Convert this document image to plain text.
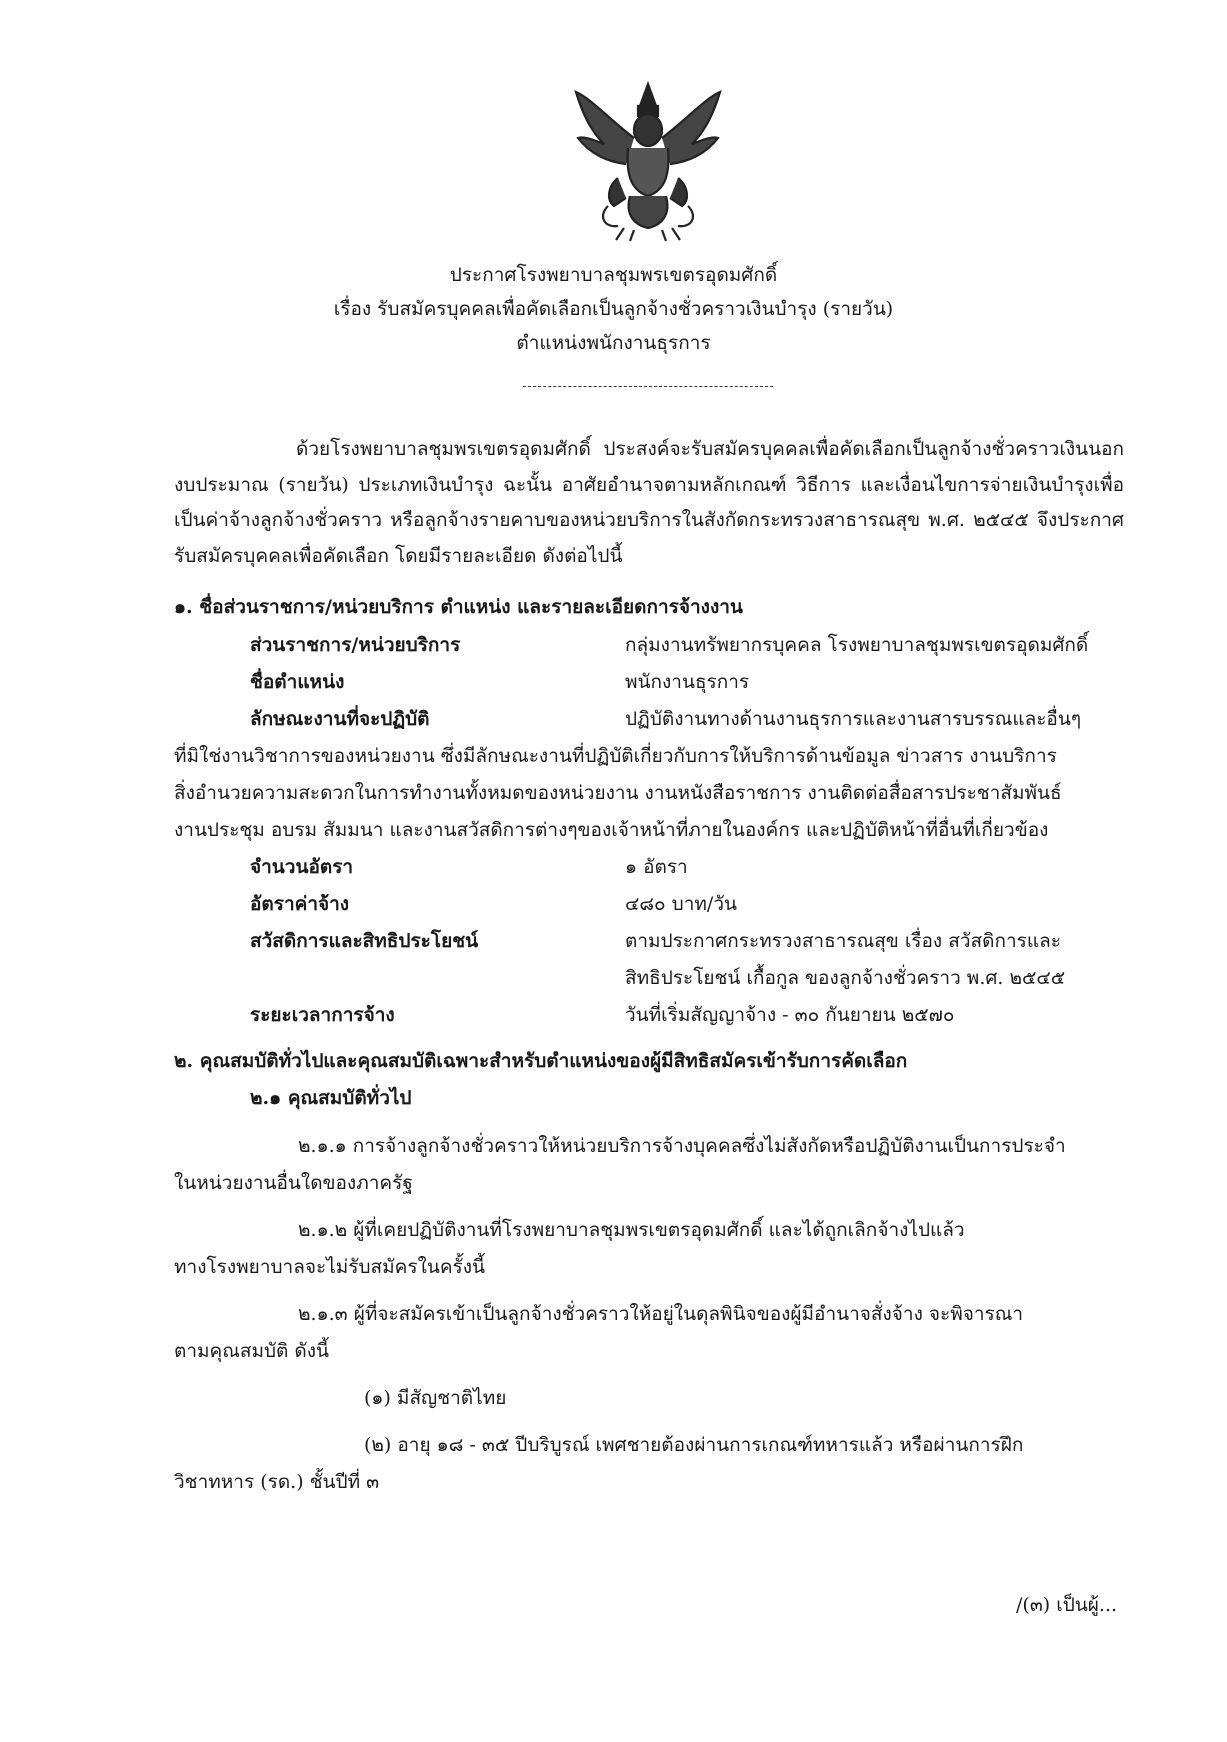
ประกาศโรงพยาบาลชุมพรเขตรอุดมศักดิ์
เรื่อง รับสมัครบุคคลเพื่อคัดเลือกเป็นลูกจ้างชั่วคราวเงินบำรุง (รายวัน)
ตำแหน่งพนักงานธุรการ
ด้วยโรงพยาบาลชุมพรเขตรอุดมศักดิ์ ประสงค์จะรับสมัครบุคคลเพื่อคัดเลือกเป็นลูกจ้างชั่วคราวเงินนอกงบประมาณ (รายวัน) ประเภทเงินบำรุง ฉะนั้น อาศัยอำนาจตามหลักเกณฑ์ วิธีการ และเงื่อนไขการจ่ายเงินบำรุงเพื่อเป็นค่าจ้างลูกจ้างชั่วคราว หรือลูกจ้างรายคาบของหน่วยบริการในสังกัดกระทรวงสาธารณสุข พ.ศ. ๒๕๔๕ จึงประกาศรับสมัครบุคคลเพื่อคัดเลือก โดยมีรายละเอียด ดังต่อไปนี้
๑. ชื่อส่วนราชการ/หน่วยบริการ ตำแหน่ง และรายละเอียดการจ้างงาน
ส่วนราชการ/หน่วยบริการ	กลุ่มงานทรัพยากรบุคคล โรงพยาบาลชุมพรเขตรอุดมศักดิ์
ชื่อตำแหน่ง	พนักงานธุรการ
ลักษณะงานที่จะปฏิบัติ	ปฏิบัติงานทางด้านงานธุรการและงานสารบรรณและอื่นๆ
ที่มิใช่งานวิชาการของหน่วยงาน ซึ่งมีลักษณะงานที่ปฏิบัติเกี่ยวกับการให้บริการด้านข้อมูล ข่าวสาร งานบริการ
สิ่งอำนวยความสะดวกในการทำงานทั้งหมดของหน่วยงาน งานหนังสือราชการ งานติดต่อสื่อสารประชาสัมพันธ์
งานประชุม อบรม สัมมนา และงานสวัสดิการต่างๆของเจ้าหน้าที่ภายในองค์กร และปฏิบัติหน้าที่อื่นที่เกี่ยวข้อง
จำนวนอัตรา	๑ อัตรา
อัตราค่าจ้าง	๔๘๐ บาท/วัน
สวัสดิการและสิทธิประโยชน์	ตามประกาศกระทรวงสาธารณสุข เรื่อง สวัสดิการและ
สิทธิประโยชน์ เกื้อกูล ของลูกจ้างชั่วคราว พ.ศ. ๒๕๔๕
ระยะเวลาการจ้าง	วันที่เริ่มสัญญาจ้าง - ๓๐ กันยายน ๒๕๗๐
๒. คุณสมบัติทั่วไปและคุณสมบัติเฉพาะสำหรับตำแหน่งของผู้มีสิทธิสมัครเข้ารับการคัดเลือก
๒.๑ คุณสมบัติทั่วไป
๒.๑.๑ การจ้างลูกจ้างชั่วคราวให้หน่วยบริการจ้างบุคคลซึ่งไม่สังกัดหรือปฏิบัติงานเป็นการประจำ
ในหน่วยงานอื่นใดของภาครัฐ
๒.๑.๒ ผู้ที่เคยปฏิบัติงานที่โรงพยาบาลชุมพรเขตรอุดมศักดิ์ และได้ถูกเลิกจ้างไปแล้ว
ทางโรงพยาบาลจะไม่รับสมัครในครั้งนี้
๒.๑.๓ ผู้ที่จะสมัครเข้าเป็นลูกจ้างชั่วคราวให้อยู่ในดุลพินิจของผู้มีอำนาจสั่งจ้าง จะพิจารณา
ตามคุณสมบัติ ดังนี้
(๑) มีสัญชาติไทย
(๒) อายุ ๑๘ - ๓๕ ปีบริบูรณ์ เพศชายต้องผ่านการเกณฑ์ทหารแล้ว หรือผ่านการฝึก
วิชาทหาร (รด.) ชั้นปีที่ ๓
/(๓) เป็นผู้...
